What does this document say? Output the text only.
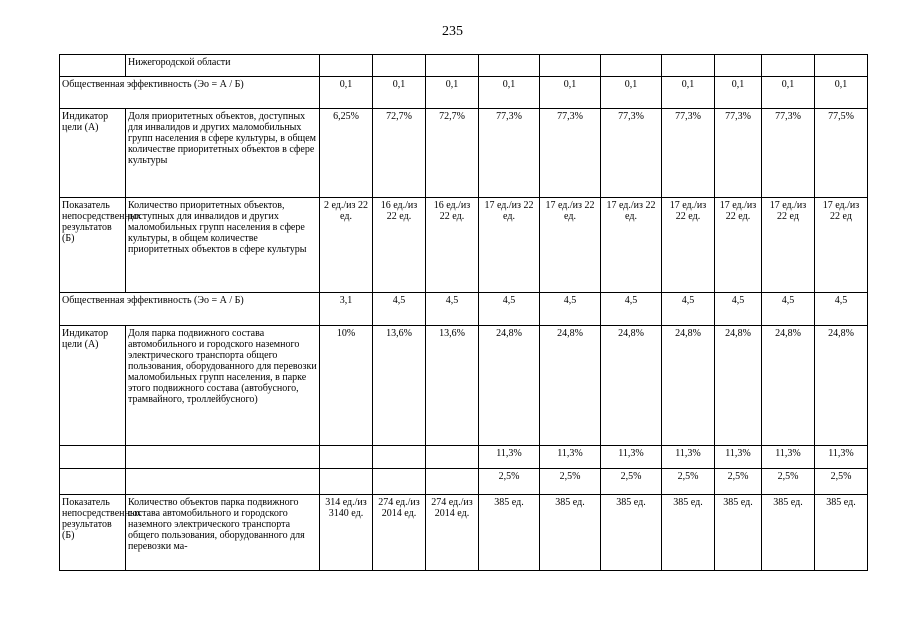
235
	Нижегородской области											
Общественная эффективность (Эо = А / Б)		0,1	0,1	0,1	0,1	0,1	0,1	0,1	0,1	0,1	0,1	
Индикатор цели (А)	Доля приоритетных объектов, доступных для инвалидов и других маломобильных групп населения в сфере культуры, в общем количестве приоритетных объектов в сфере культуры	6,25%	72,7%	72,7%	77,3%	77,3%	77,3%	77,3%	77,3%	77,3%	77,5%	
Показатель непосредственных результатов (Б)	Количество приоритетных объектов, доступных для инвалидов и других маломобильных групп населения в сфере культуры, в общем количестве приоритетных объектов в сфере культуры	2 ед./из 22 ед.	16 ед./из 22 ед.	16 ед./из 22 ед.	17 ед./из 22 ед.	17 ед./из 22 ед.	17 ед./из 22 ед.	17 ед./из 22 ед.	17 ед./из 22 ед.	17 ед./из 22 ед	17 ед./из 22 ед	
Общественная эффективность (Эо = А / Б)		3,1	4,5	4,5	4,5	4,5	4,5	4,5	4,5	4,5	4,5	
Индикатор цели (А)	Доля парка подвижного состава автомобильного и городского наземного электрического транспорта общего пользования, оборудованного для перевозки маломобильных групп населения, в парке этого подвижного состава (автобусного, трамвайного, троллейбусного)	10%	13,6%	13,6%	24,8%	24,8%	24,8%	24,8%	24,8%	24,8%	24,8%	
					11,3%	11,3%	11,3%	11,3%	11,3%	11,3%	11,3%	
					2,5%	2,5%	2,5%	2,5%	2,5%	2,5%	2,5%	
Показатель непосредственных результатов (Б)	Количество объектов парка подвижного состава автомобильного и городского наземного электрического транспорта общего пользования, оборудованного для перевозки ма-	314 ед./из 3140 ед.	274 ед./из 2014 ед.	274 ед./из 2014 ед.	385 ед.	385 ед.	385 ед.	385 ед.	385 ед.	385 ед.	385 ед.	
